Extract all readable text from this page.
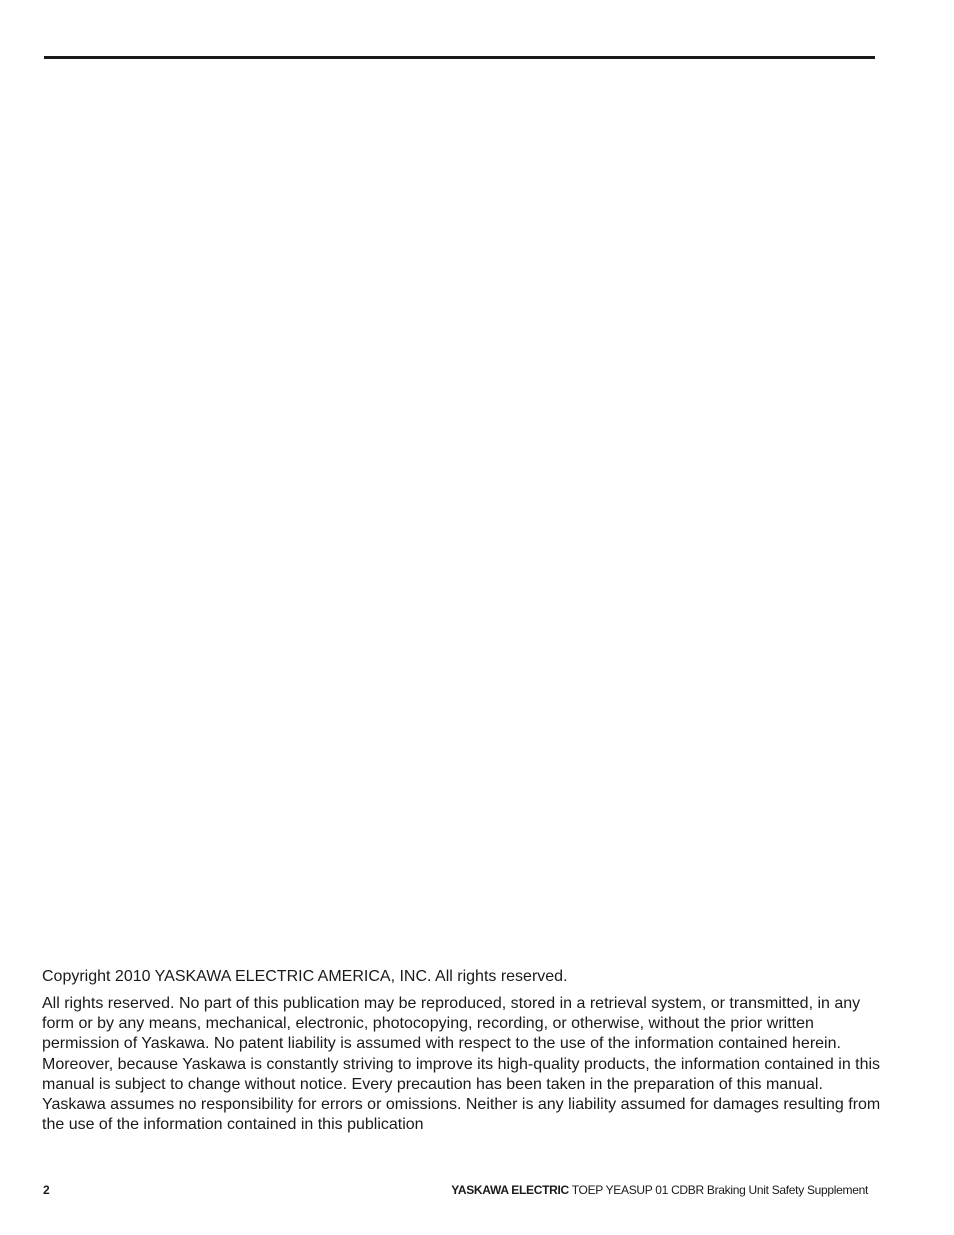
Copyright 2010 YASKAWA ELECTRIC AMERICA, INC. All rights reserved.

All rights reserved. No part of this publication may be reproduced, stored in a retrieval system, or transmitted, in any form or by any means, mechanical, electronic, photocopying, recording, or otherwise, without the prior written permission of Yaskawa. No patent liability is assumed with respect to the use of the information contained herein. Moreover, because Yaskawa is constantly striving to improve its high-quality products, the information contained in this manual is subject to change without notice. Every precaution has been taken in the preparation of this manual. Yaskawa assumes no responsibility for errors or omissions. Neither is any liability assumed for damages resulting from the use of the information contained in this publication

2	YASKAWA ELECTRIC TOEP YEASUP 01 CDBR Braking Unit Safety Supplement
